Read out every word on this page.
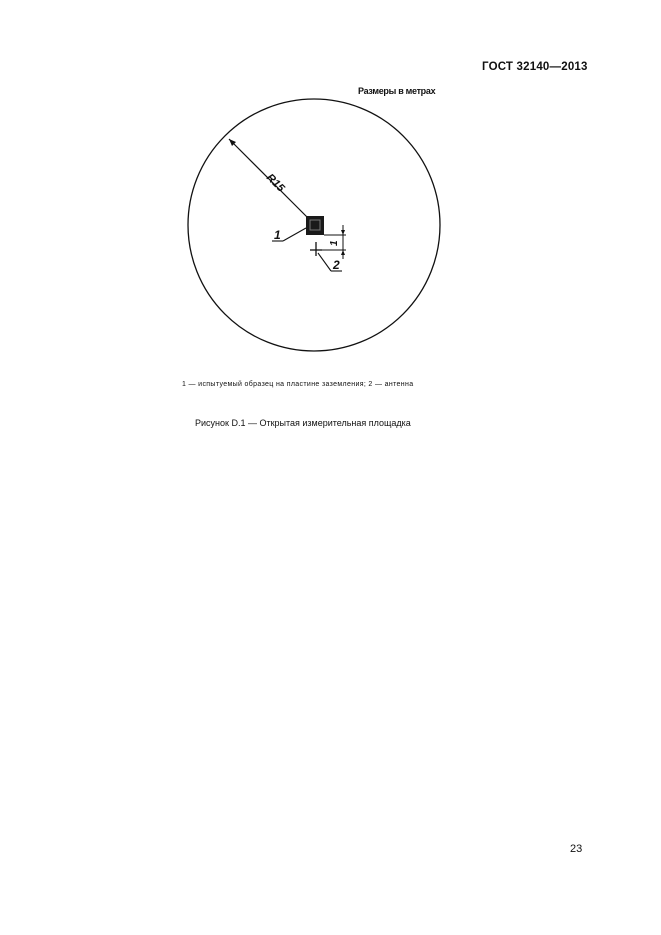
ГОСТ 32140—2013
Размеры в метрах
R15
1
1
2
1 — испытуемый образец на пластине заземления; 2 — антенна
Рисунок D.1 — Открытая измерительная площадка
23
